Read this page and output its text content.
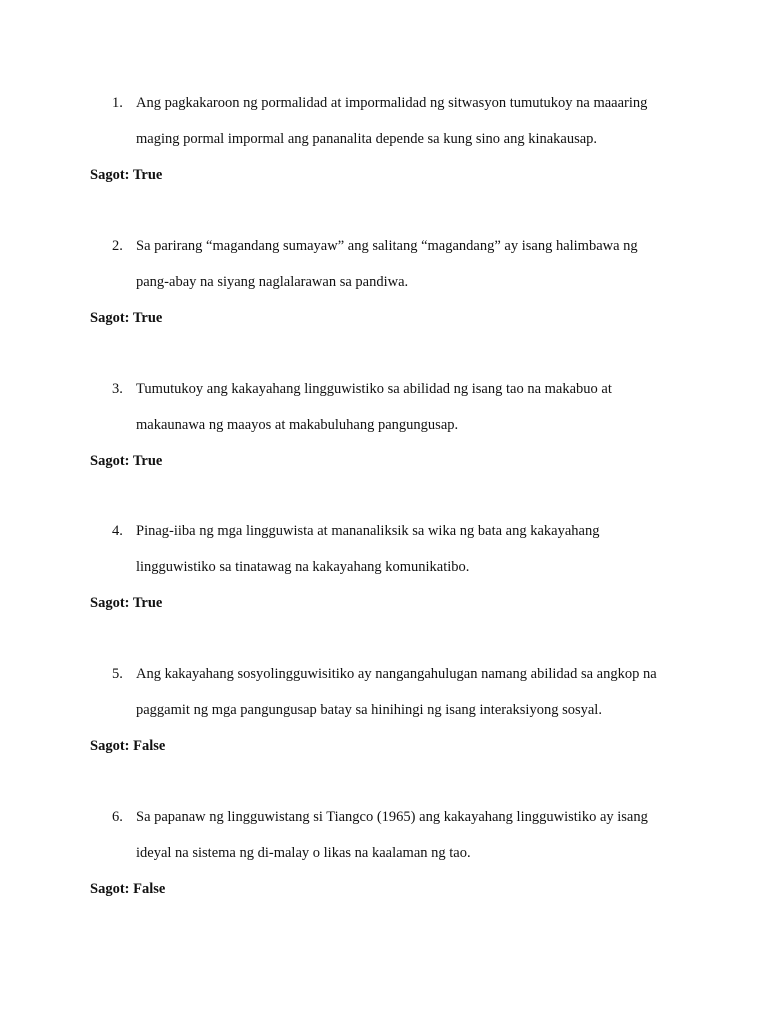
1. Ang pagkakaroon ng pormalidad at impormalidad ng sitwasyon tumutukoy na maaaring
maging pormal impormal ang pananalita depende sa kung sino ang kinakausap.
Sagot: True
2. Sa parirang “magandang sumayaw” ang salitang “magandang” ay isang halimbawa ng
pang-abay na siyang naglalarawan sa pandiwa.
Sagot: True
3. Tumutukoy ang kakayahang lingguwistiko sa abilidad ng isang tao na makabuo at
makaunawa ng maayos at makabuluhang pangungusap.
Sagot: True
4. Pinag-iiba ng mga lingguwista at mananaliksik sa wika ng bata ang kakayahang
lingguwistiko sa tinatawag na kakayahang komunikatibo.
Sagot: True
5. Ang kakayahang sosyolingguwisitiko ay nangangahulugan namang abilidad sa angkop na
paggamit ng mga pangungusap batay sa hinihingi ng isang interaksiyong sosyal.
Sagot: False
6. Sa papanaw ng lingguwistang si Tiangco (1965) ang kakayahang lingguwistiko ay isang
ideyal na sistema ng di-malay o likas na kaalaman ng tao.
Sagot: False
